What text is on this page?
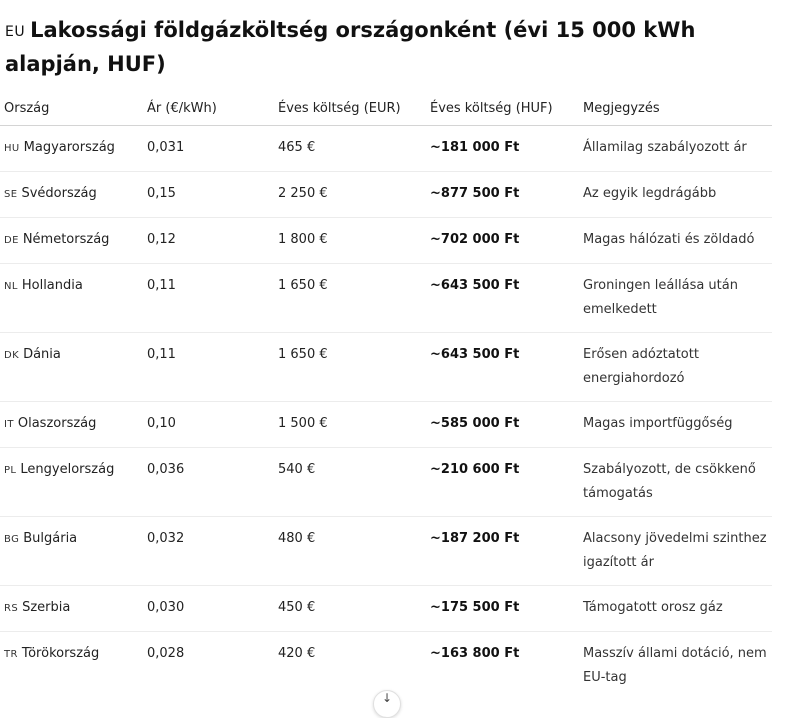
EU Lakossági földgázköltség országonként (évi 15 000 kWh alapján, HUF)
Ország	Ár (€/kWh)	Éves költség (EUR)	Éves költség (HUF)	Megjegyzés
HU Magyarország	0,031	465 €	~181 000 Ft	Államilag szabályozott ár
SE Svédország	0,15	2 250 €	~877 500 Ft	Az egyik legdrágább
DE Németország	0,12	1 800 €	~702 000 Ft	Magas hálózati és zöldadó
NL Hollandia	0,11	1 650 €	~643 500 Ft	Groningen leállása után emelkedett
DK Dánia	0,11	1 650 €	~643 500 Ft	Erősen adóztatott energiahordozó
IT Olaszország	0,10	1 500 €	~585 000 Ft	Magas importfüggőség
PL Lengyelország	0,036	540 €	~210 600 Ft	Szabályozott, de csökkenő támogatás
BG Bulgária	0,032	480 €	~187 200 Ft	Alacsony jövedelmi szinthez igazított ár
RS Szerbia	0,030	450 €	~175 500 Ft	Támogatott orosz gáz
TR Törökország	0,028	420 €	~163 800 Ft	Masszív állami dotáció, nem EU-tag
↓
